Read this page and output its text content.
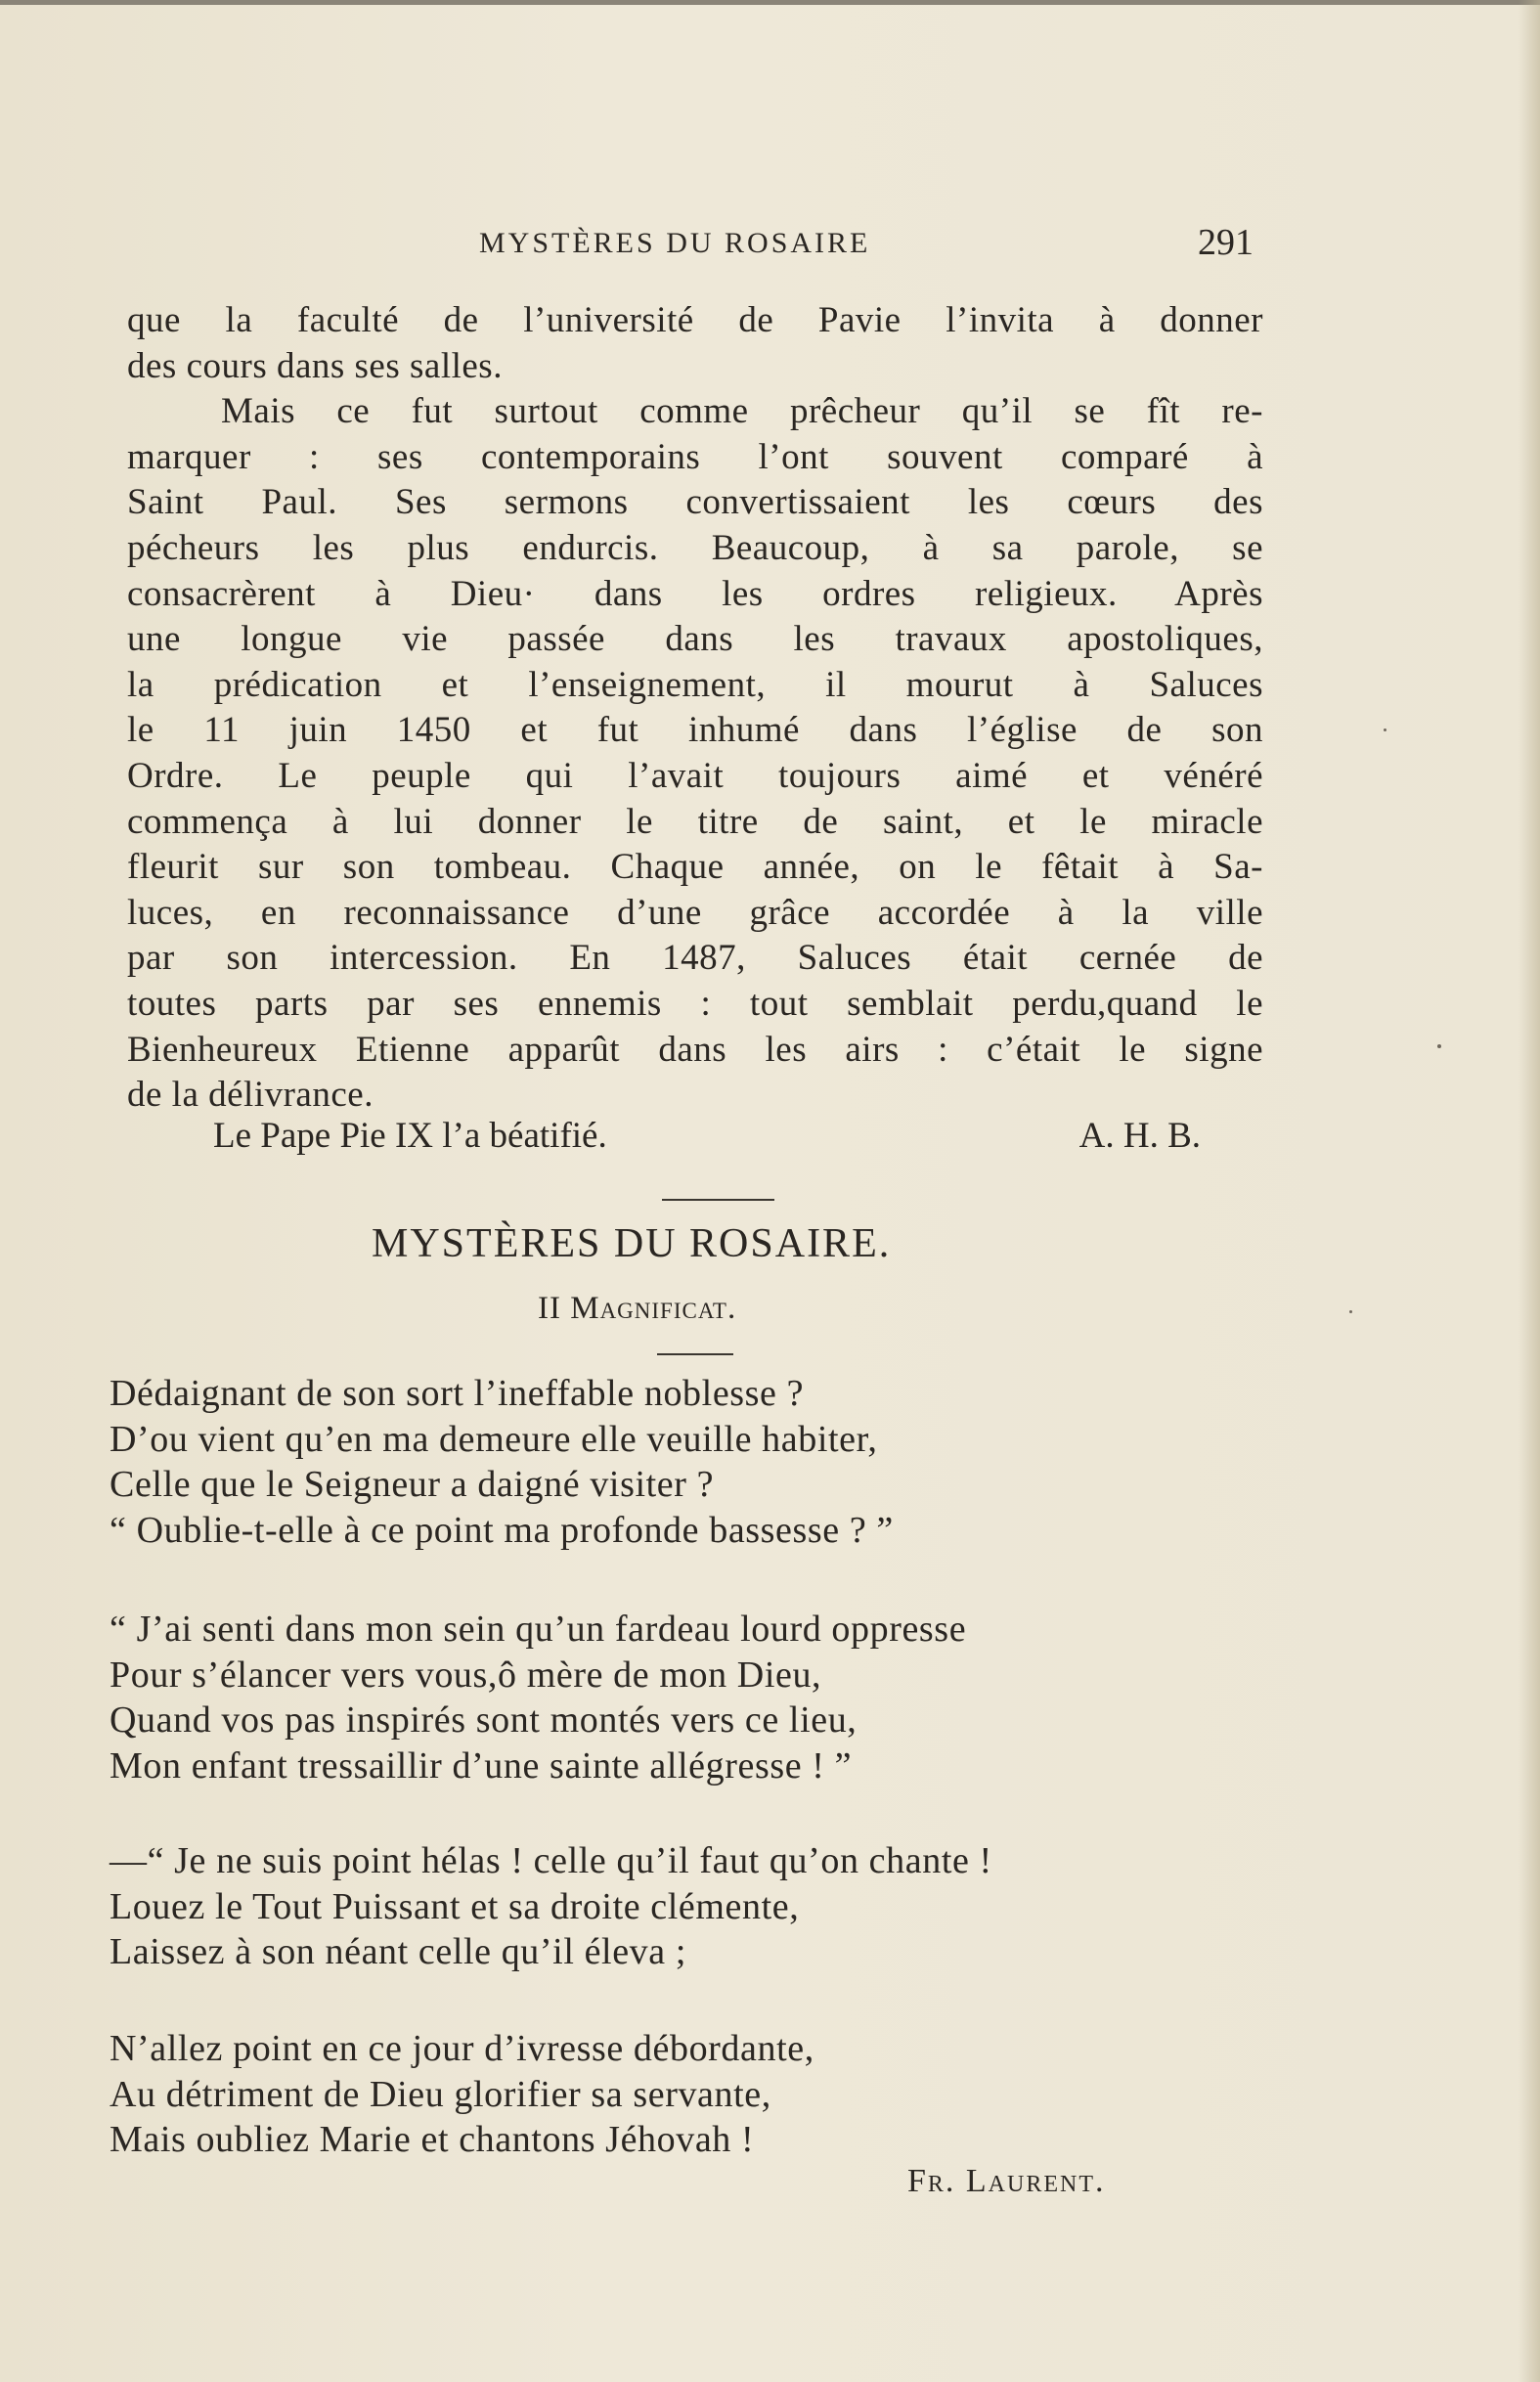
MYSTÈRES DU ROSAIRE	291
que la faculté de l’université de Pavie l’invita à donner
des cours dans ses salles.
Mais ce fut surtout comme prêcheur qu’il se fît re-
marquer : ses contemporains l’ont souvent comparé à
Saint Paul. Ses sermons convertissaient les cœurs des
pécheurs les plus endurcis. Beaucoup, à sa parole, se
consacrèrent à Dieu· dans les ordres religieux. Après
une longue vie passée dans les travaux apostoliques,
la prédication et l’enseignement, il mourut à Saluces
le 11 juin 1450 et fut inhumé dans l’église de son
Ordre. Le peuple qui l’avait toujours aimé et vénéré
commença à lui donner le titre de saint, et le miracle
fleurit sur son tombeau. Chaque année, on le fêtait à Sa-
luces, en reconnaissance d’une grâce accordée à la ville
par son intercession. En 1487, Saluces était cernée de
toutes parts par ses ennemis : tout semblait perdu,quand le
Bienheureux Etienne apparût dans les airs : c’était le signe
de la délivrance.
Le Pape Pie IX l’a béatifié.	A. H. B.
MYSTÈRES DU ROSAIRE.
II Magnificat.
Dédaignant de son sort l’ineffable noblesse ?
D’ou vient qu’en ma demeure elle veuille habiter,
Celle que le Seigneur a daigné visiter ?
“ Oublie-t-elle à ce point ma profonde bassesse ? ”
“ J’ai senti dans mon sein qu’un fardeau lourd oppresse
Pour s’élancer vers vous,ô mère de mon Dieu,
Quand vos pas inspirés sont montés vers ce lieu,
Mon enfant tressaillir d’une sainte allégresse ! ”
—“ Je ne suis point hélas ! celle qu’il faut qu’on chante !
Louez le Tout Puissant et sa droite clémente,
Laissez à son néant celle qu’il éleva ;
N’allez point en ce jour d’ivresse débordante,
Au détriment de Dieu glorifier sa servante,
Mais oubliez Marie et chantons Jéhovah !
Fr. Laurent.
